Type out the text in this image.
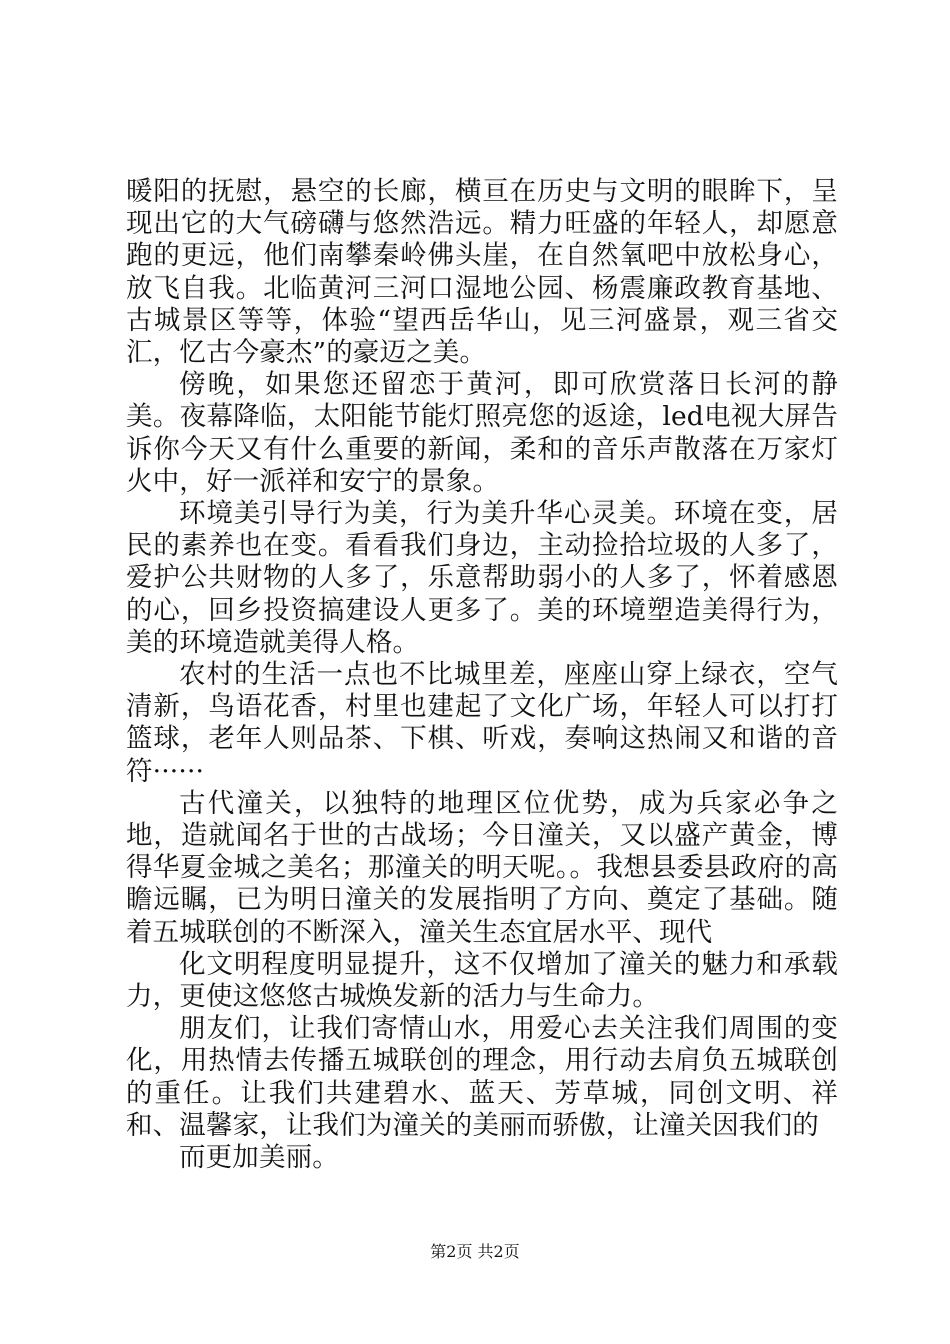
暖阳的抚慰，悬空的长廊，横亘在历史与文明的眼眸下，呈现出它的大气磅礴与悠然浩远。精力旺盛的年轻人，却愿意跑的更远，他们南攀秦岭佛头崖，在自然氧吧中放松身心，放飞自我。北临黄河三河口湿地公园、杨震廉政教育基地、古城景区等等，体验“望西岳华山，见三河盛景，观三省交汇，忆古今豪杰”的豪迈之美。

傍晚，如果您还留恋于黄河，即可欣赏落日长河的静美。夜幕降临，太阳能节能灯照亮您的返途，led电视大屏告诉你今天又有什么重要的新闻，柔和的音乐声散落在万家灯火中，好一派祥和安宁的景象。

环境美引导行为美，行为美升华心灵美。环境在变，居民的素养也在变。看看我们身边，主动捡拾垃圾的人多了，爱护公共财物的人多了，乐意帮助弱小的人多了，怀着感恩的心，回乡投资搞建设人更多了。美的环境塑造美得行为，美的环境造就美得人格。

农村的生活一点也不比城里差，座座山穿上绿衣，空气清新，鸟语花香，村里也建起了文化广场，年轻人可以打打篮球，老年人则品茶、下棋、听戏，奏响这热闹又和谐的音符······

古代潼关，以独特的地理区位优势，成为兵家必争之地，造就闻名于世的古战场；今日潼关，又以盛产黄金，博得华夏金城之美名；那潼关的明天呢。。我想县委县政府的高瞻远瞩，已为明日潼关的发展指明了方向、奠定了基础。随着五城联创的不断深入，潼关生态宜居水平、现代

化文明程度明显提升，这不仅增加了潼关的魅力和承载力，更使这悠悠古城焕发新的活力与生命力。

朋友们，让我们寄情山水，用爱心去关注我们周围的变化，用热情去传播五城联创的理念，用行动去肩负五城联创的重任。让我们共建碧水、蓝天、芳草城，同创文明、祥和、温馨家，让我们为潼关的美丽而骄傲，让潼关因我们的

而更加美丽。

第2页 共2页
